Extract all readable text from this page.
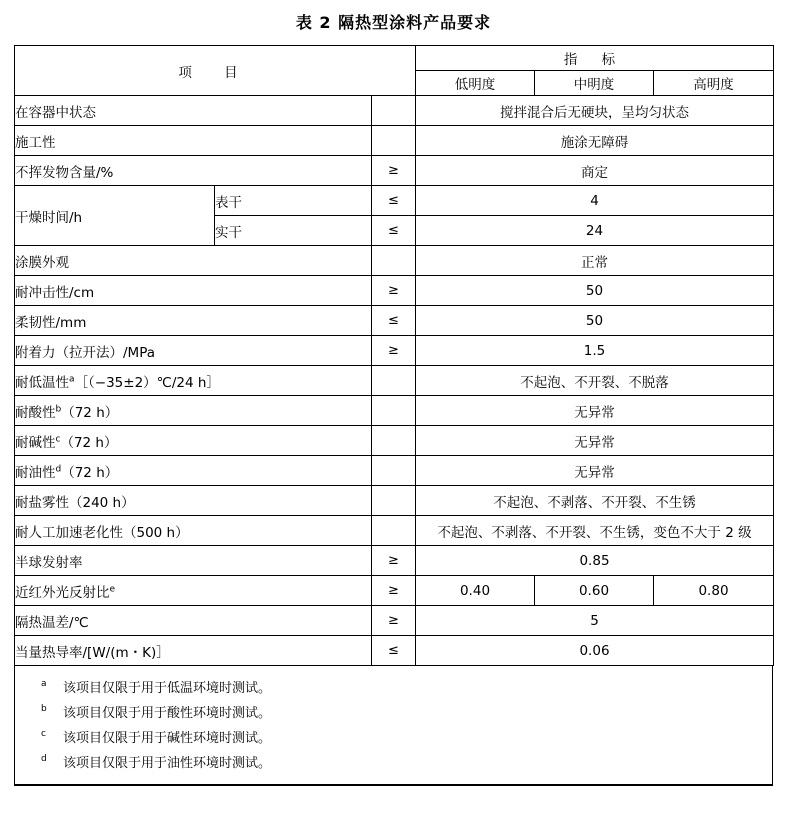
表 2 隔热型涂料产品要求
项 目			指 标		
			低明度	中明度	高明度
在容器中状态			搅拌混合后无硬块，呈均匀状态		
施工性			施涂无障碍		
不挥发物含量/%		≥	商定		
干燥时间/h	表干	≤	4		
	实干	≤	24		
涂膜外观			正常		
耐冲击性/cm		≥	50		
柔韧性/mm		≤	50		
附着力（拉开法）/MPa		≥	1.5		
耐低温性$^a$［（−35±2）℃/24 h］			不起泡、不开裂、不脱落		
耐酸性$^b$（72 h）			无异常		
耐碱性$^c$（72 h）			无异常		
耐油性$^d$（72 h）			无异常		
耐盐雾性（240 h）			不起泡、不剥落、不开裂、不生锈		
耐人工加速老化性（500 h）			不起泡、不剥落、不开裂、不生锈，变色不大于 2 级		
半球发射率		≥	0.85		
近红外光反射比$^e$		≥	0.40	0.60	0.80
隔热温差/℃		≥	5		
当量热导率/[W/(m・K)］		≤	0.06		
a	该项目仅限于用于低温环境时测试。
b	该项目仅限于用于酸性环境时测试。
c	该项目仅限于用于碱性环境时测试。
d	该项目仅限于用于油性环境时测试。
